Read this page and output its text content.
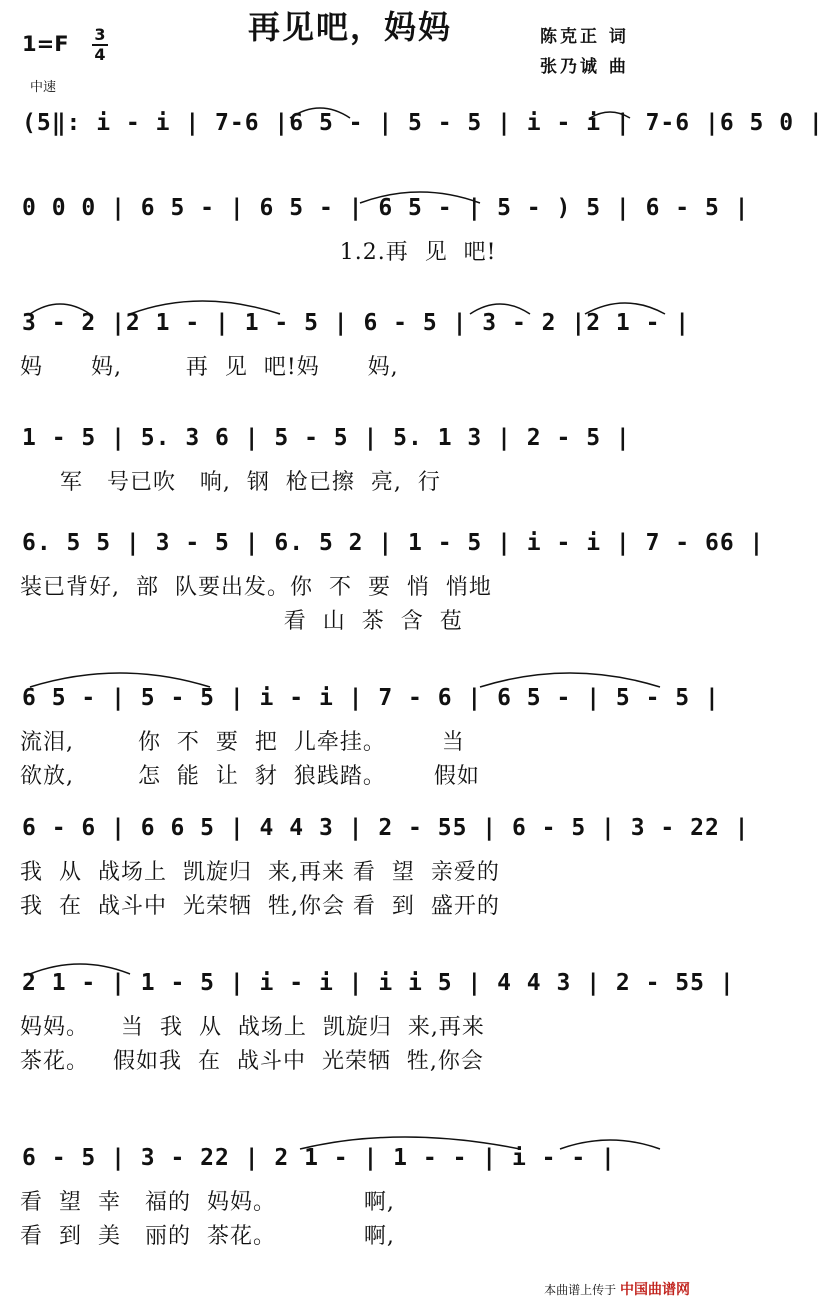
再见吧，妈妈
1=F 3
4
中速
陈克正 词
张乃诚 曲
(5‖: i - i | 7-6 |6 5 - | 5 - 5 | i - i | 7-6 |6 5 0 |
0 0 0 | 6 5 - | 6 5 - | 6 5 - | 5 - ) 5 | 6 - 5 |
1.2.再  见  吧!
3 - 2 |2 1 - | 1 - 5 | 6 - 5 | 3 - 2 |2 1 - |
妈      妈,        再  见  吧!妈      妈,
1 - 5 | 5. 3 6 | 5 - 5 | 5. 1 3 | 2 - 5 |
军   号已吹   响,  钢  枪已擦  亮,  行
6. 5 5 | 3 - 5 | 6. 5 2 | 1 - 5 | i - i | 7 - 66 |
装已背好,  部  队要出发。你  不  要  悄  悄地
看  山  茶  含  苞
6 5 - | 5 - 5 | i - i | 7 - 6 | 6 5 - | 5 - 5 |
流泪,        你  不  要  把  儿牵挂。       当
欲放,        怎  能  让  豺  狼践踏。      假如
6 - 6 | 6 6 5 | 4 4 3 | 2 - 55 | 6 - 5 | 3 - 22 |
我  从  战场上  凯旋归  来,再来 看  望  亲爱的
我  在  战斗中  光荣牺  牲,你会 看  到  盛开的
2 1 - | 1 - 5 | i - i | i i 5 | 4 4 3 | 2 - 55 |
妈妈。    当  我  从  战场上  凯旋归  来,再来
茶花。   假如我  在  战斗中  光荣牺  牲,你会
6 - 5 | 3 - 22 | 2 1 - | 1 - - | i - - |
看  望  幸   福的  妈妈。           啊,
看  到  美   丽的  茶花。           啊,
本曲谱上传于 中国曲谱网
